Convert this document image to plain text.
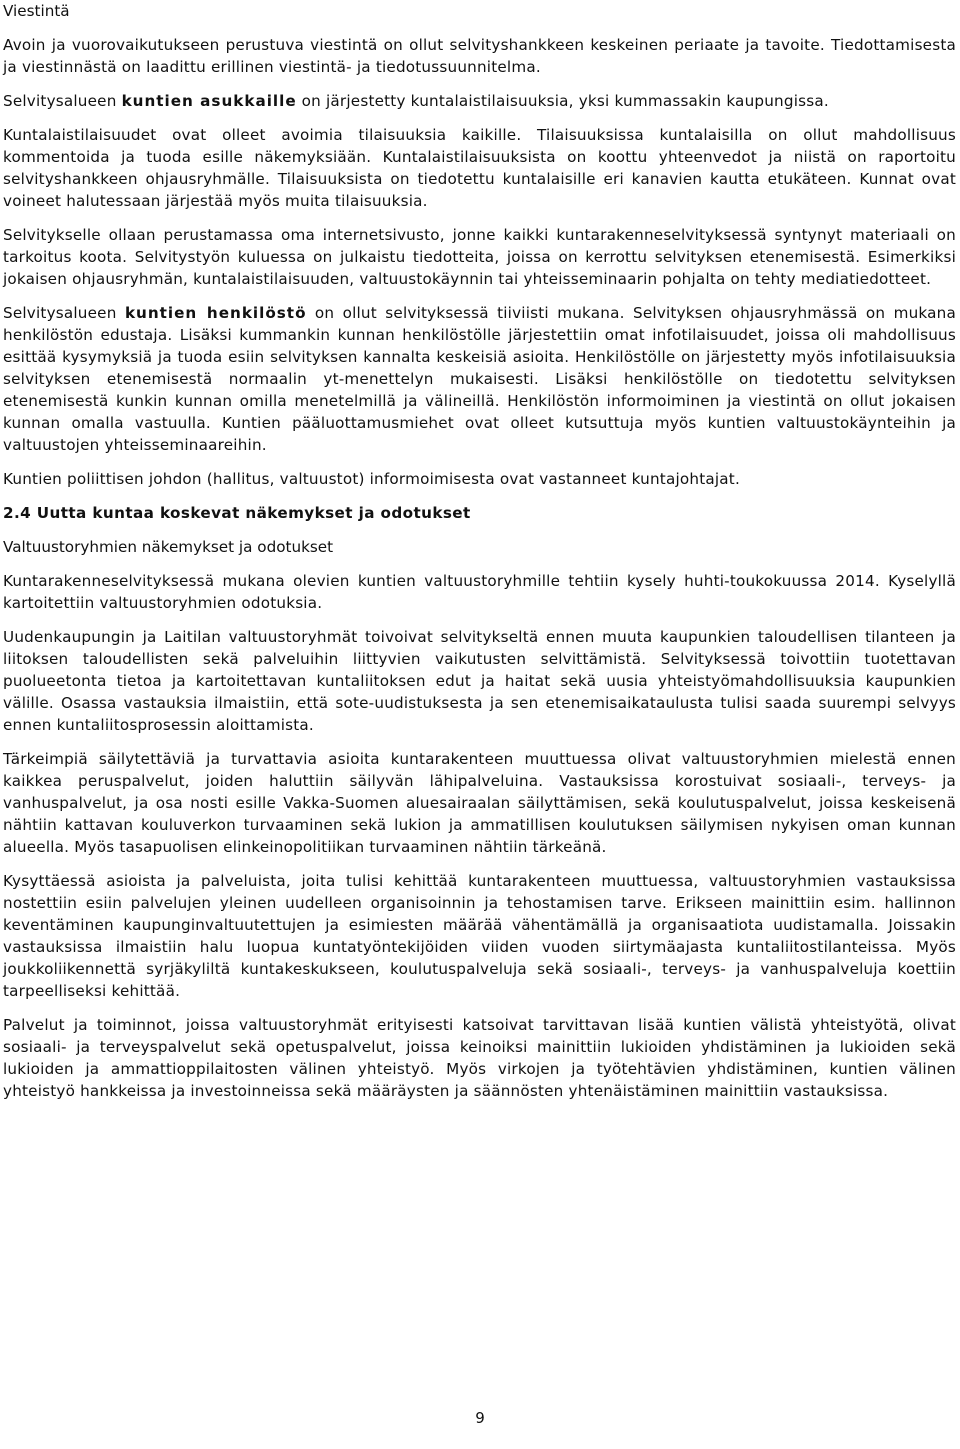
Viestintä

Avoin ja vuorovaikutukseen perustuva viestintä on ollut selvityshankkeen keskeinen periaate ja tavoite. Tiedottamisesta ja viestinnästä on laadittu erillinen viestintä- ja tiedotussuunnitelma.

Selvitysalueen kuntien asukkaille on järjestetty kuntalaistilaisuuksia, yksi kummassakin kaupungissa.

Kuntalaistilaisuudet ovat olleet avoimia tilaisuuksia kaikille. Tilaisuuksissa kuntalaisilla on ollut mahdollisuus kommentoida ja tuoda esille näkemyksiään. Kuntalaistilaisuuksista on koottu yhteenvedot ja niistä on raportoitu selvityshankkeen ohjausryhmälle. Tilaisuuksista on tiedotettu kuntalaisille eri kanavien kautta etukäteen. Kunnat ovat voineet halutessaan järjestää myös muita tilaisuuksia.

Selvitykselle ollaan perustamassa oma internetsivusto, jonne kaikki kuntarakenneselvityksessä syntynyt materiaali on tarkoitus koota. Selvitystyön kuluessa on julkaistu tiedotteita, joissa on kerrottu selvityksen etenemisestä. Esimerkiksi jokaisen ohjausryhmän, kuntalaistilaisuuden, valtuustokäynnin tai yhteisseminaarin pohjalta on tehty mediatiedotteet.

Selvitysalueen kuntien henkilöstö on ollut selvityksessä tiiviisti mukana. Selvityksen ohjausryhmässä on mukana henkilöstön edustaja. Lisäksi kummankin kunnan henkilöstölle järjestettiin omat infotilaisuudet, joissa oli mahdollisuus esittää kysymyksiä ja tuoda esiin selvityksen kannalta keskeisiä asioita. Henkilöstölle on järjestetty myös infotilaisuuksia selvityksen etenemisestä normaalin yt-menettelyn mukaisesti. Lisäksi henkilöstölle on tiedotettu selvityksen etenemisestä kunkin kunnan omilla menetelmillä ja välineillä. Henkilöstön informoiminen ja viestintä on ollut jokaisen kunnan omalla vastuulla. Kuntien pääluottamusmiehet ovat olleet kutsuttuja myös kuntien valtuustokäynteihin ja valtuustojen yhteisseminaareihin.

Kuntien poliittisen johdon (hallitus, valtuustot) informoimisesta ovat vastanneet kuntajohtajat.

2.4 Uutta kuntaa koskevat näkemykset ja odotukset

Valtuustoryhmien näkemykset ja odotukset

Kuntarakenneselvityksessä mukana olevien kuntien valtuustoryhmille tehtiin kysely huhti-toukokuussa 2014. Kyselyllä kartoitettiin valtuustoryhmien odotuksia.

Uudenkaupungin ja Laitilan valtuustoryhmät toivoivat selvitykseltä ennen muuta kaupunkien taloudellisen tilanteen ja liitoksen taloudellisten sekä palveluihin liittyvien vaikutusten selvittämistä. Selvityksessä toivottiin tuotettavan puolueetonta tietoa ja kartoitettavan kuntaliitoksen edut ja haitat sekä uusia yhteistyömahdollisuuksia kaupunkien välille. Osassa vastauksia ilmaistiin, että sote-uudistuksesta ja sen etenemisaikataulusta tulisi saada suurempi selvyys ennen kuntaliitosprosessin aloittamista.

Tärkeimpiä säilytettäviä ja turvattavia asioita kuntarakenteen muuttuessa olivat valtuustoryhmien mielestä ennen kaikkea peruspalvelut, joiden haluttiin säilyvän lähipalveluina. Vastauksissa korostuivat sosiaali-, terveys- ja vanhuspalvelut, ja osa nosti esille Vakka-Suomen aluesairaalan säilyttämisen, sekä koulutuspalvelut, joissa keskeisenä nähtiin kattavan kouluverkon turvaaminen sekä lukion ja ammatillisen koulutuksen säilymisen nykyisen oman kunnan alueella. Myös tasapuolisen elinkeinopolitiikan turvaaminen nähtiin tärkeänä.

Kysyttäessä asioista ja palveluista, joita tulisi kehittää kuntarakenteen muuttuessa, valtuustoryhmien vastauksissa nostettiin esiin palvelujen yleinen uudelleen organisoinnin ja tehostamisen tarve. Erikseen mainittiin esim. hallinnon keventäminen kaupunginvaltuutettujen ja esimiesten määrää vähentämällä ja organisaatiota uudistamalla. Joissakin vastauksissa ilmaistiin halu luopua kuntatyöntekijöiden viiden vuoden siirtymäajasta kuntaliitostilanteissa. Myös joukkoliikennettä syrjäkyliltä kuntakeskukseen, koulutuspalveluja sekä sosiaali-, terveys- ja vanhuspalveluja koettiin tarpeelliseksi kehittää.

Palvelut ja toiminnot, joissa valtuustoryhmät erityisesti katsoivat tarvittavan lisää kuntien välistä yhteistyötä, olivat sosiaali- ja terveyspalvelut sekä opetuspalvelut, joissa keinoiksi mainittiin lukioiden yhdistäminen ja lukioiden sekä lukioiden ja ammattioppilaitosten välinen yhteistyö. Myös virkojen ja työtehtävien yhdistäminen, kuntien välinen yhteistyö hankkeissa ja investoinneissa sekä määräysten ja säännösten yhtenäistäminen mainittiin vastauksissa.

9
